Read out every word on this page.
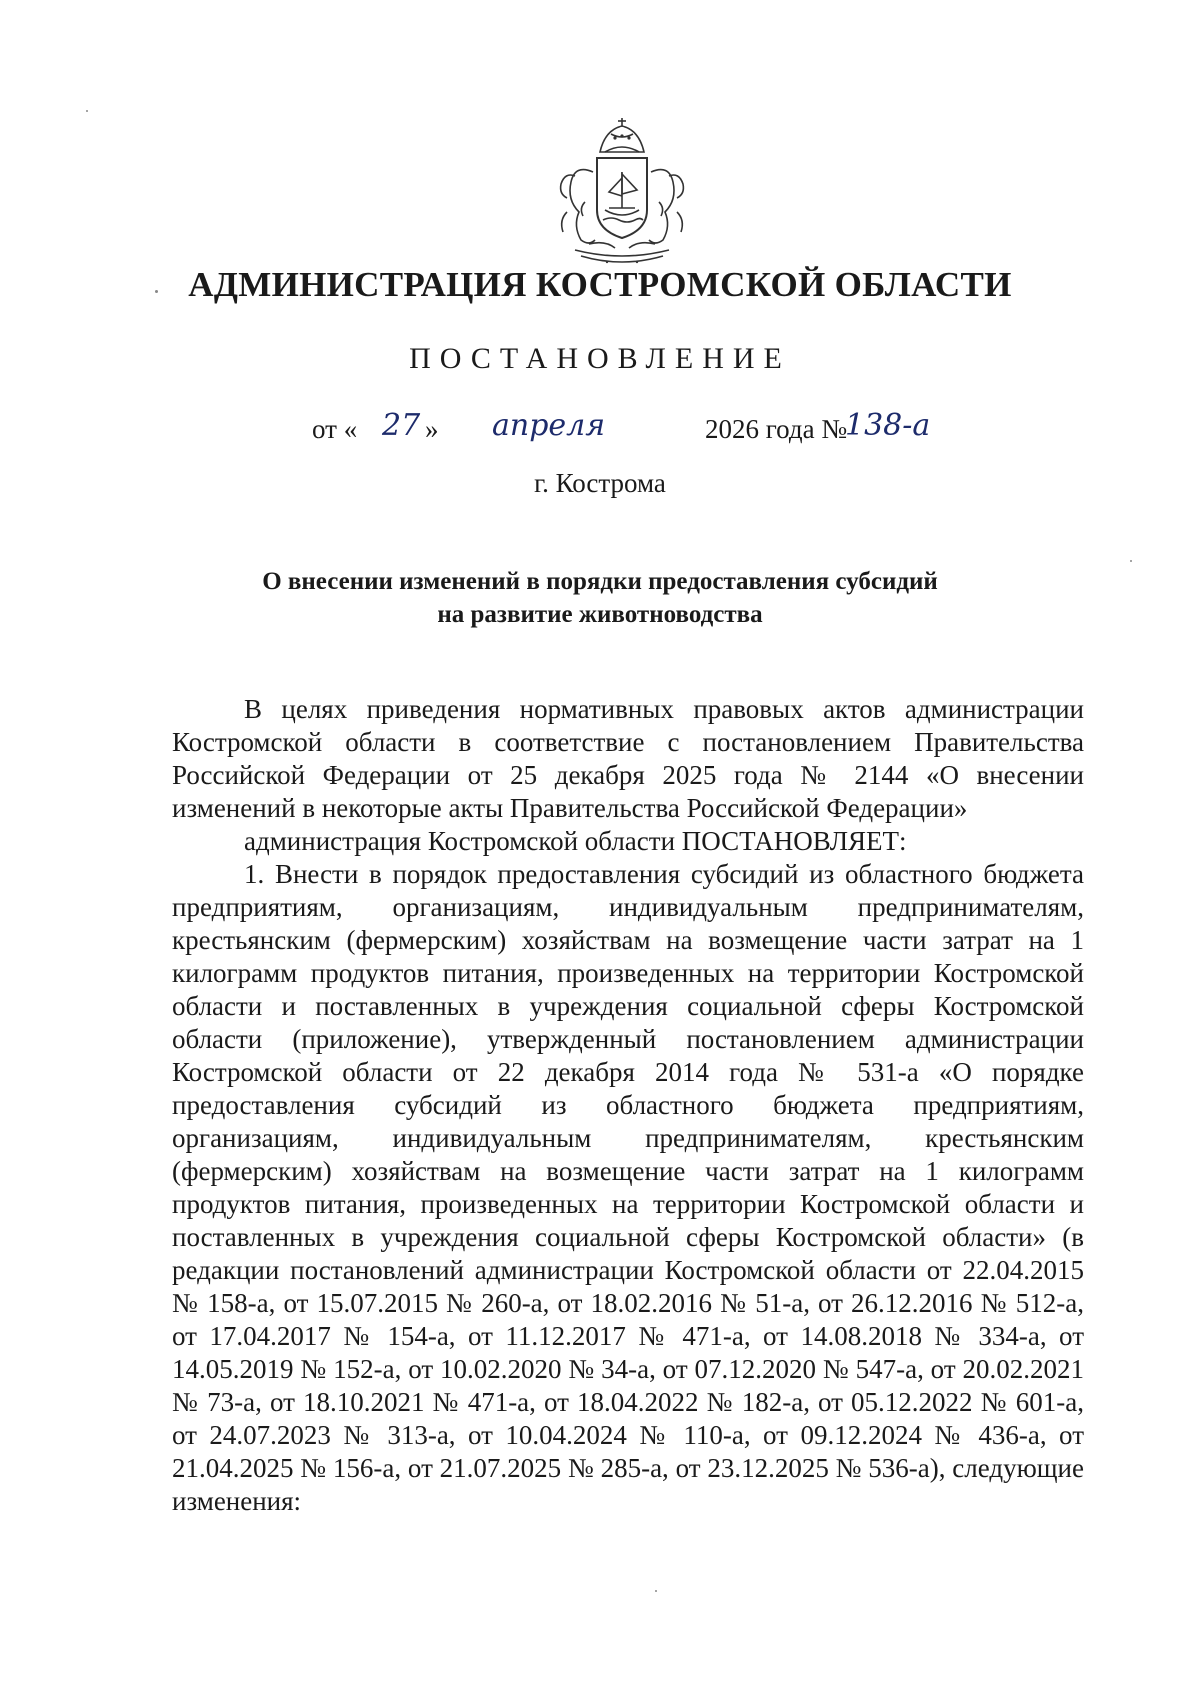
АДМИНИСТРАЦИЯ КОСТРОМСКОЙ ОБЛАСТИ
ПОСТАНОВЛЕНИЕ
от « 27 » апреля	2026 года №
138-а
г. Кострома
О внесении изменений в порядки предоставления субсидий
на развитие животноводства

В целях приведения нормативных правовых актов администрации Костромской области в соответствие с постановлением Правительства Российской Федерации от 25 декабря 2025 года № 2144 «О внесении изменений в некоторые акты Правительства Российской Федерации»

администрация Костромской области ПОСТАНОВЛЯЕТ:

1. Внести в порядок предоставления субсидий из областного бюджета предприятиям, организациям, индивидуальным предпринимателям, крестьянским (фермерским) хозяйствам на возмещение части затрат на 1 килограмм продуктов питания, произведенных на территории Костромской области и поставленных в учреждения социальной сферы Костромской области (приложение), утвержденный постановлением администрации Костромской области от 22 декабря 2014 года № 531-а «О порядке предоставления субсидий из областного бюджета предприятиям, организациям, индивидуальным предпринимателям, крестьянским (фермерским) хозяйствам на возмещение части затрат на 1 килограмм продуктов питания, произведенных на территории Костромской области и поставленных в учреждения социальной сферы Костромской области» (в редакции постановлений администрации Костромской области от 22.04.2015 № 158-а, от 15.07.2015 № 260-а, от 18.02.2016 № 51-а, от 26.12.2016 № 512-а, от 17.04.2017 № 154-а, от 11.12.2017 № 471-а, от 14.08.2018 № 334-а, от 14.05.2019 № 152-а, от 10.02.2020 № 34-а, от 07.12.2020 № 547-а, от 20.02.2021 № 73-а, от 18.10.2021 № 471-а, от 18.04.2022 № 182-а, от 05.12.2022 № 601-а, от 24.07.2023 № 313-а, от 10.04.2024 № 110-а, от 09.12.2024 № 436-а, от 21.04.2025 № 156-а, от 21.07.2025 № 285-а, от 23.12.2025 № 536-а), следующие изменения:
